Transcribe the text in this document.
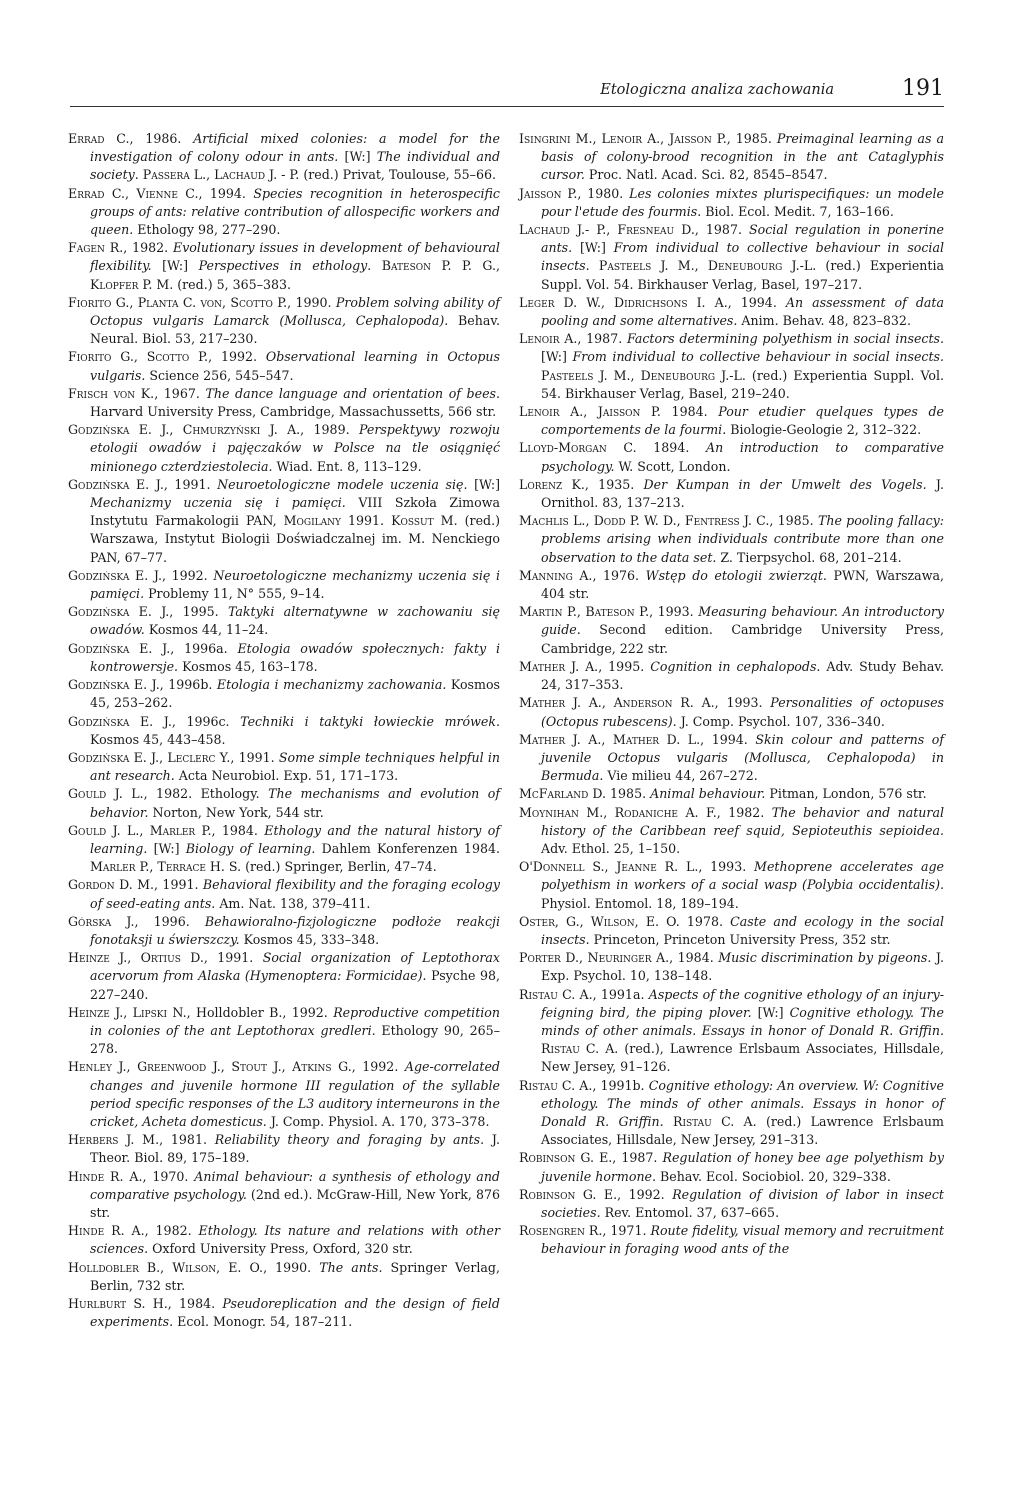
Etologiczna analiza zachowania	191

Errad C., 1986. Artificial mixed colonies: a model for the investigation of colony odour in ants. [W:] The individual and society. Passera L., Lachaud J. - P. (red.) Privat, Toulouse, 55–66.

Errad C., Vienne C., 1994. Species recognition in heterospecific groups of ants: relative contribution of allospecific workers and queen. Ethology 98, 277–290.

Fagen R., 1982. Evolutionary issues in development of behavioural flexibility. [W:] Perspectives in ethology. Bateson P. P. G., Klopfer P. M. (red.) 5, 365–383.

Fiorito G., Planta C. von, Scotto P., 1990. Problem solving ability of Octopus vulgaris Lamarck (Mollusca, Cephalopoda). Behav. Neural. Biol. 53, 217–230.

Fiorito G., Scotto P., 1992. Observational learning in Octopus vulgaris. Science 256, 545–547.

Frisch von K., 1967. The dance language and orientation of bees. Harvard University Press, Cambridge, Massachussetts, 566 str.

Godzińska E. J., Chmurzyński J. A., 1989. Perspektywy rozwoju etologii owadów i pajęczaków w Polsce na tle osiągnięć minionego czterdziestolecia. Wiad. Ent. 8, 113–129.

Godzińska E. J., 1991. Neuroetologiczne modele uczenia się. [W:] Mechanizmy uczenia się i pamięci. VIII Szkoła Zimowa Instytutu Farmakologii PAN, Mogilany 1991. Kossut M. (red.) Warszawa, Instytut Biologii Doświadczalnej im. M. Nenckiego PAN, 67–77.

Godzińska E. J., 1992. Neuroetologiczne mechanizmy uczenia się i pamięci. Problemy 11, N° 555, 9–14.

Godzińska E. J., 1995. Taktyki alternatywne w zachowaniu się owadów. Kosmos 44, 11–24.

Godzińska E. J., 1996a. Etologia owadów społecznych: fakty i kontrowersje. Kosmos 45, 163–178.

Godzińska E. J., 1996b. Etologia i mechanizmy zachowania. Kosmos 45, 253–262.

Godzińska E. J., 1996c. Techniki i taktyki łowieckie mrówek. Kosmos 45, 443–458.

Godzińska E. J., Leclerc Y., 1991. Some simple techniques helpful in ant research. Acta Neurobiol. Exp. 51, 171–173.

Gould J. L., 1982. Ethology. The mechanisms and evolution of behavior. Norton, New York, 544 str.

Gould J. L., Marler P., 1984. Ethology and the natural history of learning. [W:] Biology of learning. Dahlem Konferenzen 1984. Marler P., Terrace H. S. (red.) Springer, Berlin, 47–74.

Gordon D. M., 1991. Behavioral flexibility and the foraging ecology of seed-eating ants. Am. Nat. 138, 379–411.

Górska J., 1996. Behawioralno-fizjologiczne podłoże reakcji fonotaksji u świerszczy. Kosmos 45, 333–348.

Heinze J., Ortius D., 1991. Social organization of Leptothorax acervorum from Alaska (Hymenoptera: Formicidae). Psyche 98, 227–240.

Heinze J., Lipski N., Holldobler B., 1992. Reproductive competition in colonies of the ant Leptothorax gredleri. Ethology 90, 265–278.

Henley J., Greenwood J., Stout J., Atkins G., 1992. Age-correlated changes and juvenile hormone III regulation of the syllable period specific responses of the L3 auditory interneurons in the cricket, Acheta domesticus. J. Comp. Physiol. A. 170, 373–378.

Herbers J. M., 1981. Reliability theory and foraging by ants. J. Theor. Biol. 89, 175–189.

Hinde R. A., 1970. Animal behaviour: a synthesis of ethology and comparative psychology. (2nd ed.). McGraw-Hill, New York, 876 str.

Hinde R. A., 1982. Ethology. Its nature and relations with other sciences. Oxford University Press, Oxford, 320 str.

Holldobler B., Wilson, E. O., 1990. The ants. Springer Verlag, Berlin, 732 str.

Hurlburt S. H., 1984. Pseudoreplication and the design of field experiments. Ecol. Monogr. 54, 187–211.

Isingrini M., Lenoir A., Jaisson P., 1985. Preimaginal learning as a basis of colony-brood recognition in the ant Cataglyphis cursor. Proc. Natl. Acad. Sci. 82, 8545–8547.

Jaisson P., 1980. Les colonies mixtes plurispecifiques: un modele pour l'etude des fourmis. Biol. Ecol. Medit. 7, 163–166.

Lachaud J.- P., Fresneau D., 1987. Social regulation in ponerine ants. [W:] From individual to collective behaviour in social insects. Pasteels J. M., Deneubourg J.-L. (red.) Experientia Suppl. Vol. 54. Birkhauser Verlag, Basel, 197–217.

Leger D. W., Didrichsons I. A., 1994. An assessment of data pooling and some alternatives. Anim. Behav. 48, 823–832.

Lenoir A., 1987. Factors determining polyethism in social insects. [W:] From individual to collective behaviour in social insects. Pasteels J. M., Deneubourg J.-L. (red.) Experientia Suppl. Vol. 54. Birkhauser Verlag, Basel, 219–240.

Lenoir A., Jaisson P. 1984. Pour etudier quelques types de comportements de la fourmi. Biologie-Geologie 2, 312–322.

Lloyd-Morgan C. 1894. An introduction to comparative psychology. W. Scott, London.

Lorenz K., 1935. Der Kumpan in der Umwelt des Vogels. J. Ornithol. 83, 137–213.

Machlis L., Dodd P. W. D., Fentress J. C., 1985. The pooling fallacy: problems arising when individuals contribute more than one observation to the data set. Z. Tierpsychol. 68, 201–214.

Manning A., 1976. Wstęp do etologii zwierząt. PWN, Warszawa, 404 str.

Martin P., Bateson P., 1993. Measuring behaviour. An introductory guide. Second edition. Cambridge University Press, Cambridge, 222 str.

Mather J. A., 1995. Cognition in cephalopods. Adv. Study Behav. 24, 317–353.

Mather J. A., Anderson R. A., 1993. Personalities of octopuses (Octopus rubescens). J. Comp. Psychol. 107, 336–340.

Mather J. A., Mather D. L., 1994. Skin colour and patterns of juvenile Octopus vulgaris (Mollusca, Cephalopoda) in Bermuda. Vie milieu 44, 267–272.

McFarland D. 1985. Animal behaviour. Pitman, London, 576 str.

Moynihan M., Rodaniche A. F., 1982. The behavior and natural history of the Caribbean reef squid, Sepioteuthis sepioidea. Adv. Ethol. 25, 1–150.

O'Donnell S., Jeanne R. L., 1993. Methoprene accelerates age polyethism in workers of a social wasp (Polybia occidentalis). Physiol. Entomol. 18, 189–194.

Oster, G., Wilson, E. O. 1978. Caste and ecology in the social insects. Princeton, Princeton University Press, 352 str.

Porter D., Neuringer A., 1984. Music discrimination by pigeons. J. Exp. Psychol. 10, 138–148.

Ristau C. A., 1991a. Aspects of the cognitive ethology of an injury-feigning bird, the piping plover. [W:] Cognitive ethology. The minds of other animals. Essays in honor of Donald R. Griffin. Ristau C. A. (red.), Lawrence Erlsbaum Associates, Hillsdale, New Jersey, 91–126.

Ristau C. A., 1991b. Cognitive ethology: An overview. W: Cognitive ethology. The minds of other animals. Essays in honor of Donald R. Griffin. Ristau C. A. (red.) Lawrence Erlsbaum Associates, Hillsdale, New Jersey, 291–313.

Robinson G. E., 1987. Regulation of honey bee age polyethism by juvenile hormone. Behav. Ecol. Sociobiol. 20, 329–338.

Robinson G. E., 1992. Regulation of division of labor in insect societies. Rev. Entomol. 37, 637–665.

Rosengren R., 1971. Route fidelity, visual memory and recruitment behaviour in foraging wood ants of the
